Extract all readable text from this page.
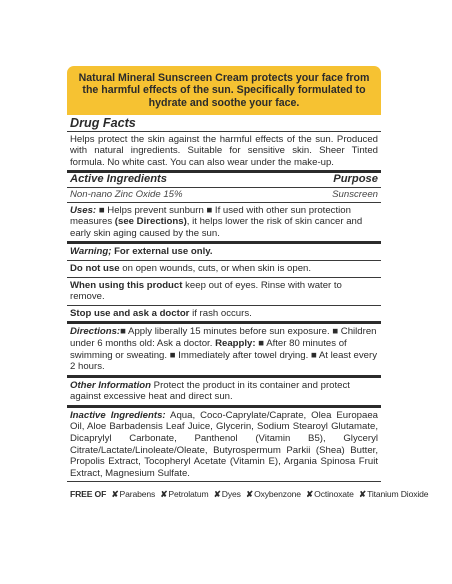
Natural Mineral Sunscreen Cream protects your face from the harmful effects of the sun. Specifically formulated to hydrate and soothe your face.
Drug Facts
Helps protect the skin against the harmful effects of the sun. Produced with natural ingredients. Suitable for sensitive skin. Sheer Tinted formula. No white cast. You can also wear under the make-up.
Active Ingredients	Purpose
Non-nano Zinc Oxide 15%	Sunscreen
Uses: ■ Helps prevent sunburn ■ If used with other sun protection measures (see Directions), it helps lower the risk of skin cancer and early skin aging caused by the sun.
Warning; For external use only.
Do not use on open wounds, cuts, or when skin is open.
When using this product keep out of eyes. Rinse with water to remove.
Stop use and ask a doctor if rash occurs.
Directions:■ Apply liberally 15 minutes before sun exposure. ■ Children under 6 months old: Ask a doctor. Reapply: ■ After 80 minutes of swimming or sweating. ■ Immediately after towel drying. ■ At least every 2 hours.
Other Information Protect the product in its container and protect against excessive heat and direct sun.
Inactive Ingredients: Aqua, Coco-Caprylate/Caprate, Olea Europaea Oil, Aloe Barbadensis Leaf Juice, Glycerin, Sodium Stearoyl Glutamate, Dicaprylyl Carbonate, Panthenol (Vitamin B5), Glyceryl Citrate/Lactate/Linoleate/Oleate, Butyrospermum Parkii (Shea) Butter, Propolis Extract, Tocopheryl Acetate (Vitamin E), Argania Spinosa Fruit Extract, Magnesium Sulfate.
FREE OF ✘Parabens ✘Petrolatum ✘Dyes ✘Oxybenzone ✘Octinoxate ✘Titanium Dioxide
